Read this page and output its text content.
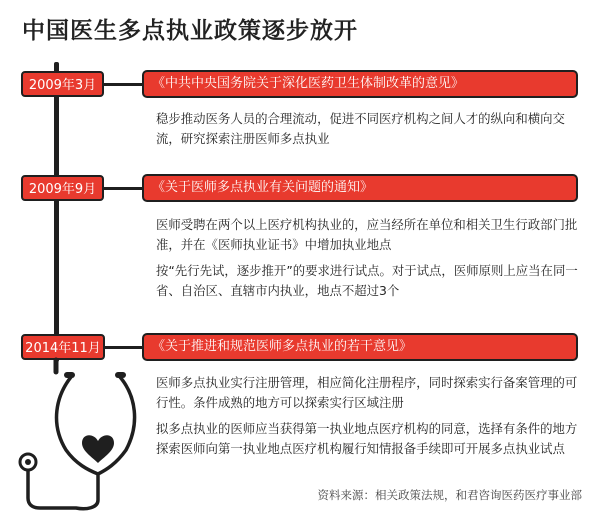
中国医生多点执业政策逐步放开
2009年3月	《中共中央国务院关于深化医药卫生体制改革的意见》
稳步推动医务人员的合理流动，促进不同医疗机构之间人才的纵向和横向交流，研究探索注册医师多点执业
2009年9月	《关于医师多点执业有关问题的通知》
医师受聘在两个以上医疗机构执业的，应当经所在单位和相关卫生行政部门批准，并在《医师执业证书》中增加执业地点
按“先行先试，逐步推开”的要求进行试点。对于试点，医师原则上应当在同一省、自治区、直辖市内执业，地点不超过3个
2014年11月	《关于推进和规范医师多点执业的若干意见》
医师多点执业实行注册管理，相应简化注册程序，同时探索实行备案管理的可行性。条件成熟的地方可以探索实行区域注册
拟多点执业的医师应当获得第一执业地点医疗机构的同意，选择有条件的地方探索医师向第一执业地点医疗机构履行知情报备手续即可开展多点执业试点
资料来源：相关政策法规，和君咨询医药医疗事业部
